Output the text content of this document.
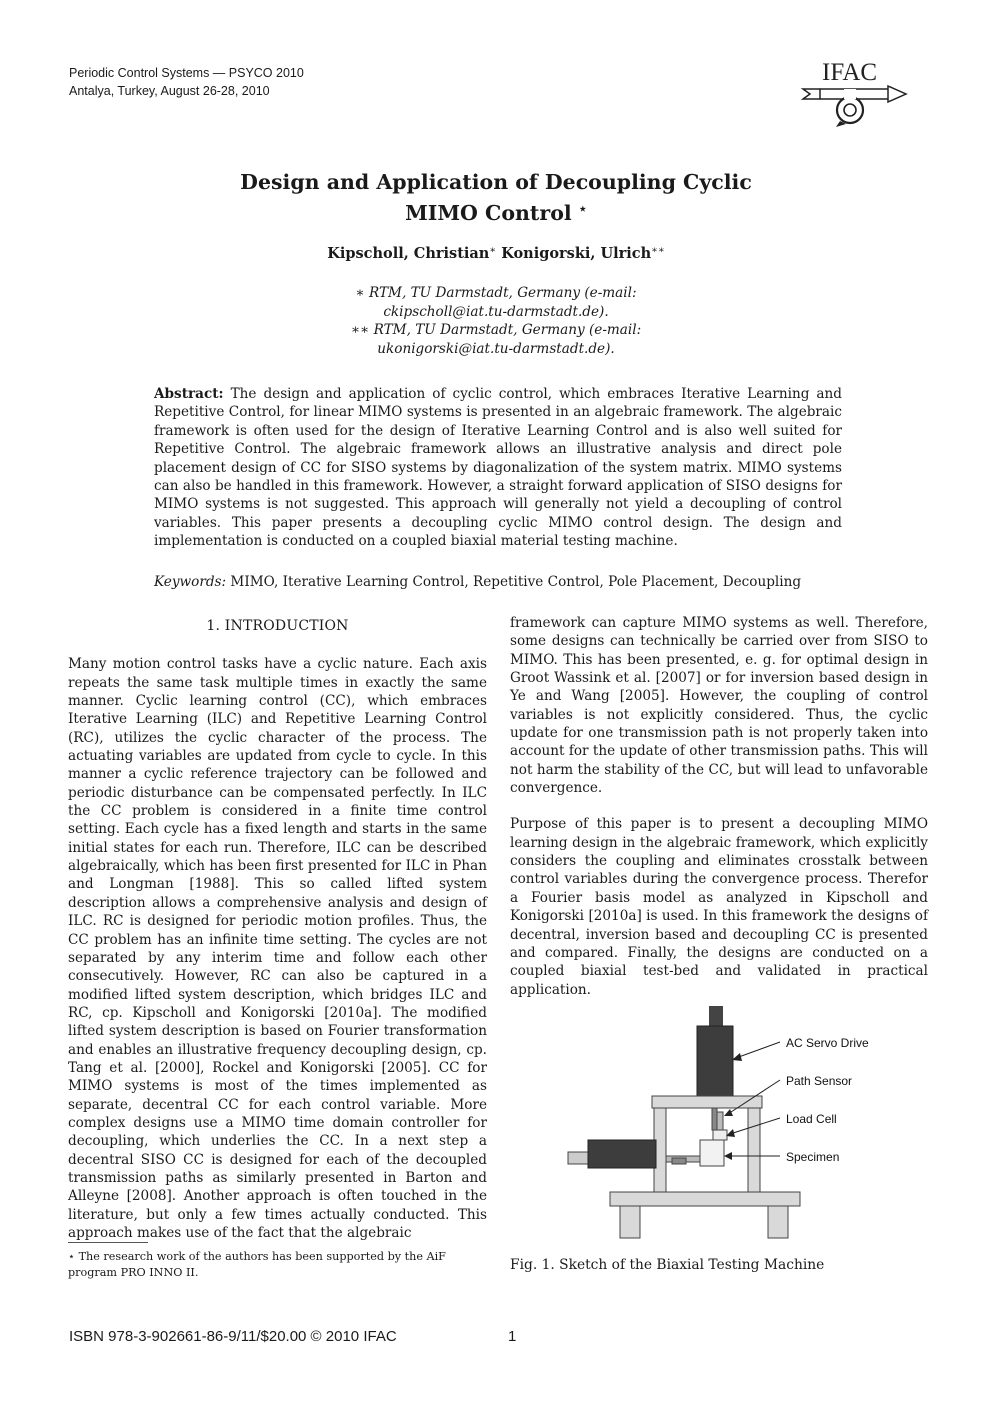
Periodic Control Systems — PSYCO 2010
Antalya, Turkey, August 26-28, 2010
IFAC
Design and Application of Decoupling Cyclic
MIMO Control ⋆
Kipscholl, Christian∗ Konigorski, Ulrich∗∗
∗ RTM, TU Darmstadt, Germany (e-mail:
ckipscholl@iat.tu-darmstadt.de).
∗∗ RTM, TU Darmstadt, Germany (e-mail:
ukonigorski@iat.tu-darmstadt.de).
Abstract: The design and application of cyclic control, which embraces Iterative Learning and Repetitive Control, for linear MIMO systems is presented in an algebraic framework. The algebraic framework is often used for the design of Iterative Learning Control and is also well suited for Repetitive Control. The algebraic framework allows an illustrative analysis and direct pole placement design of CC for SISO systems by diagonalization of the system matrix. MIMO systems can also be handled in this framework. However, a straight forward application of SISO designs for MIMO systems is not suggested. This approach will generally not yield a decoupling of control variables. This paper presents a decoupling cyclic MIMO control design. The design and implementation is conducted on a coupled biaxial material testing machine.
Keywords: MIMO, Iterative Learning Control, Repetitive Control, Pole Placement, Decoupling

1. INTRODUCTION

Many motion control tasks have a cyclic nature. Each axis repeats the same task multiple times in exactly the same manner. Cyclic learning control (CC), which embraces Iterative Learning (ILC) and Repetitive Learning Control (RC), utilizes the cyclic character of the process. The actuating variables are updated from cycle to cycle. In this manner a cyclic reference trajectory can be followed and periodic disturbance can be compensated perfectly. In ILC the CC problem is considered in a finite time control setting. Each cycle has a fixed length and starts in the same initial states for each run. Therefore, ILC can be described algebraically, which has been first presented for ILC in Phan and Longman [1988]. This so called lifted system description allows a comprehensive analysis and design of ILC. RC is designed for periodic motion profiles. Thus, the CC problem has an infinite time setting. The cycles are not separated by any interim time and follow each other consecutively. However, RC can also be captured in a modified lifted system description, which bridges ILC and RC, cp. Kipscholl and Konigorski [2010a]. The modified lifted system description is based on Fourier transformation and enables an illustrative frequency decoupling design, cp. Tang et al. [2000], Rockel and Konigorski [2005]. CC for MIMO systems is most of the times implemented as separate, decentral CC for each control variable. More complex designs use a MIMO time domain controller for decoupling, which underlies the CC. In a next step a decentral SISO CC is designed for each of the decoupled transmission paths as similarly presented in Barton and Alleyne [2008]. Another approach is often touched in the literature, but only a few times actually conducted. This approach makes use of the fact that the algebraic

⋆ The research work of the authors has been supported by the AiF program PRO INNO II.

framework can capture MIMO systems as well. Therefore, some designs can technically be carried over from SISO to MIMO. This has been presented, e. g. for optimal design in Groot Wassink et al. [2007] or for inversion based design in Ye and Wang [2005]. However, the coupling of control variables is not explicitly considered. Thus, the cyclic update for one transmission path is not properly taken into account for the update of other transmission paths. This will not harm the stability of the CC, but will lead to unfavorable convergence.

Purpose of this paper is to present a decoupling MIMO learning design in the algebraic framework, which explicitly considers the coupling and eliminates crosstalk between control variables during the convergence process. Therefor a Fourier basis model as analyzed in Kipscholl and Konigorski [2010a] is used. In this framework the designs of decentral, inversion based and decoupling CC is presented and compared. Finally, the designs are conducted on a coupled biaxial test-bed and validated in practical application.

AC Servo Drive
Path Sensor
Load Cell
Specimen
Fig. 1. Sketch of the Biaxial Testing Machine
ISBN 978-3-902661-86-9/11/$20.00 © 2010 IFAC	1
